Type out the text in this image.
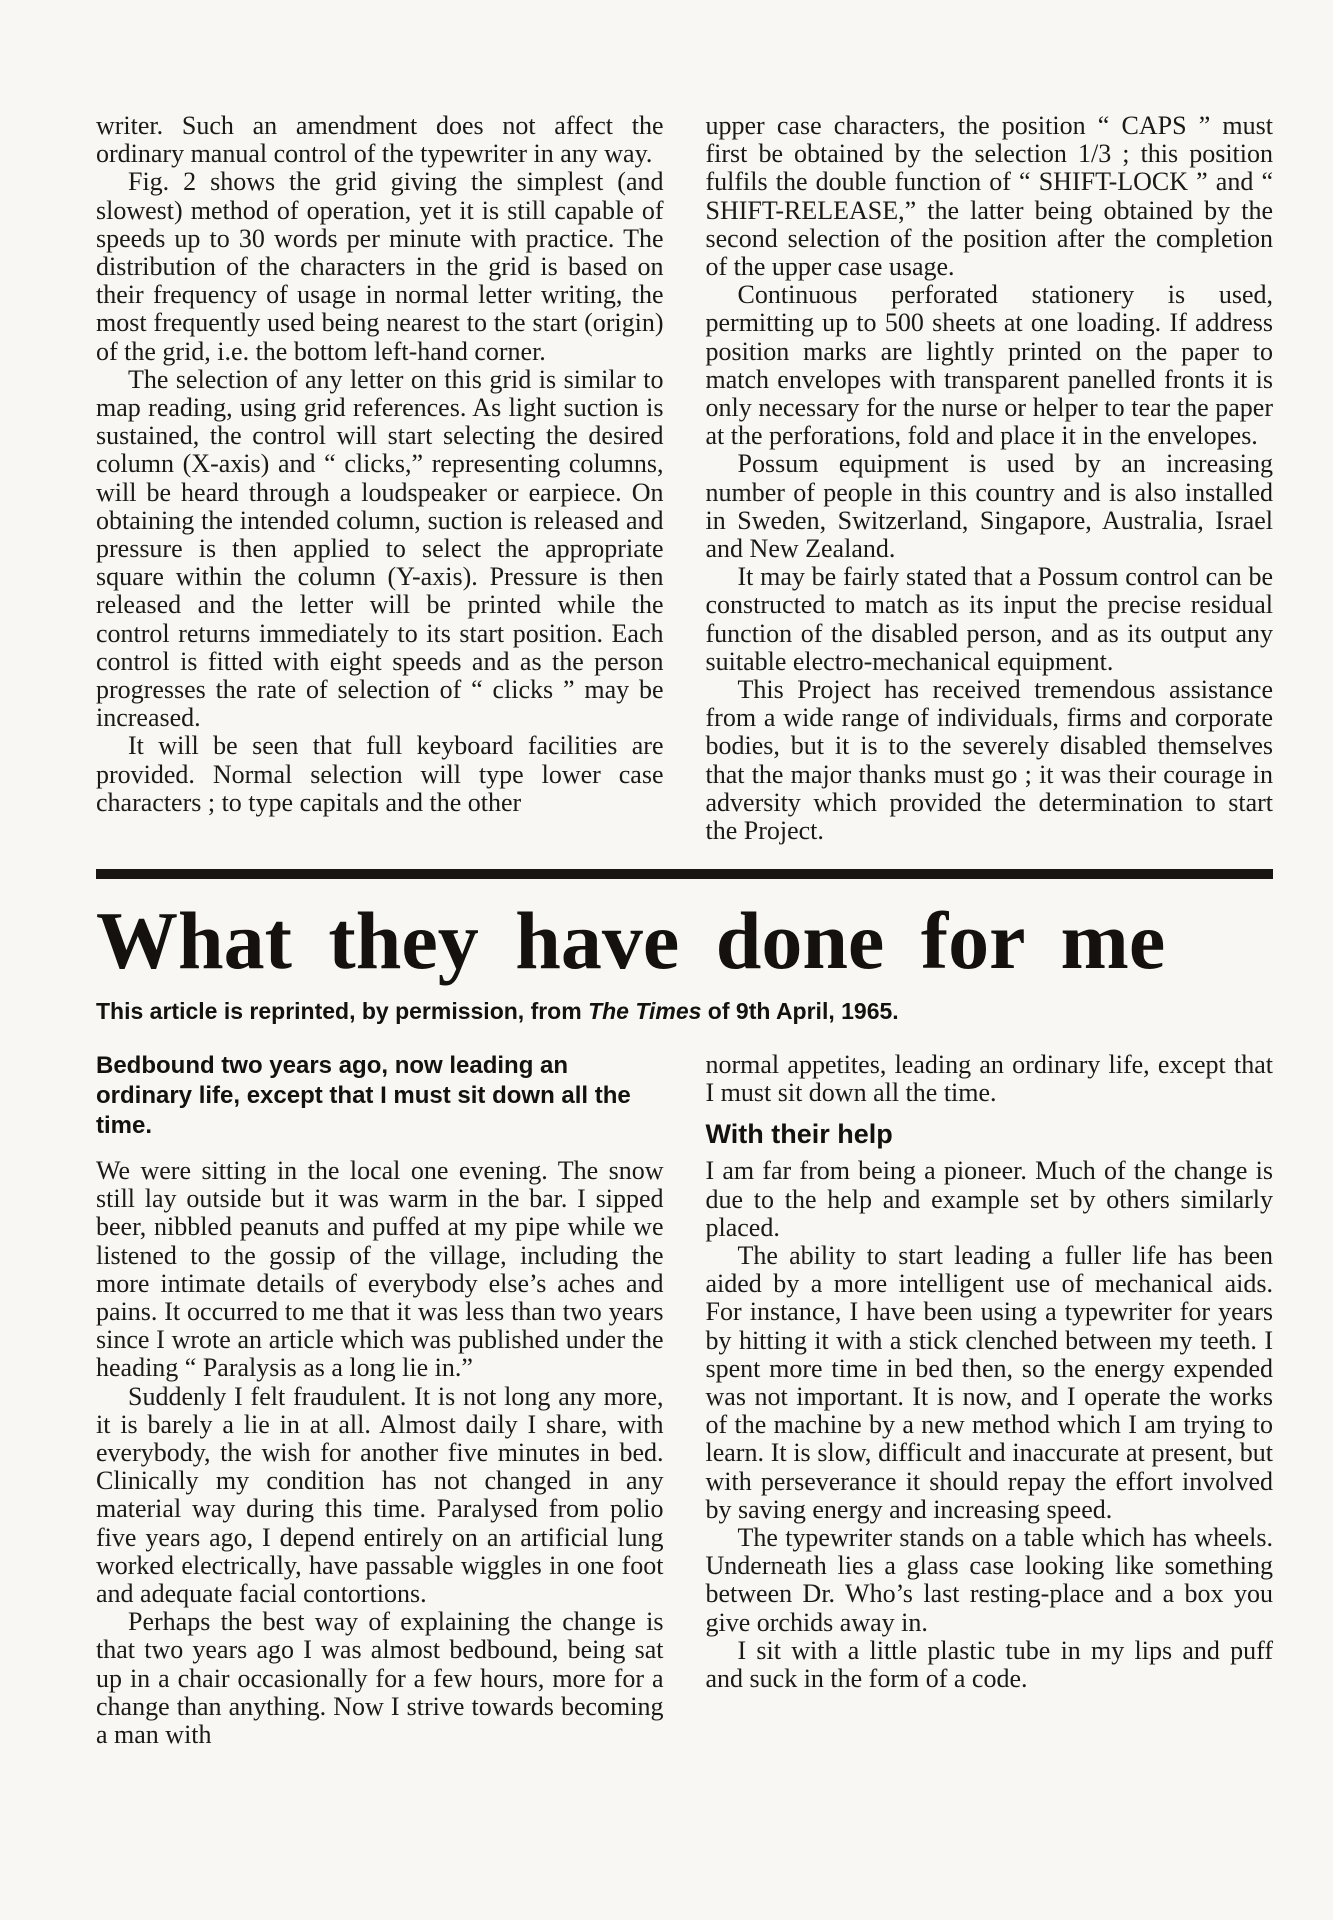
writer. Such an amendment does not affect the ordinary manual control of the typewriter in any way.

Fig. 2 shows the grid giving the simplest (and slowest) method of operation, yet it is still capable of speeds up to 30 words per minute with practice. The distribution of the characters in the grid is based on their frequency of usage in normal letter writing, the most frequently used being nearest to the start (origin) of the grid, i.e. the bottom left-hand corner.

The selection of any letter on this grid is similar to map reading, using grid references. As light suction is sustained, the control will start selecting the desired column (X-axis) and “ clicks,” representing columns, will be heard through a loudspeaker or earpiece. On obtaining the intended column, suction is released and pressure is then applied to select the appropriate square within the column (Y-axis). Pressure is then released and the letter will be printed while the control returns immediately to its start position. Each control is fitted with eight speeds and as the person progresses the rate of selection of “ clicks ” may be increased.

It will be seen that full keyboard facilities are provided. Normal selection will type lower case characters ; to type capitals and the other

upper case characters, the position “ CAPS ” must first be obtained by the selection 1/3 ; this position fulfils the double function of “ SHIFT-LOCK ” and “ SHIFT-RELEASE,” the latter being obtained by the second selection of the position after the completion of the upper case usage.

Continuous perforated stationery is used, permitting up to 500 sheets at one loading. If address position marks are lightly printed on the paper to match envelopes with transparent panelled fronts it is only necessary for the nurse or helper to tear the paper at the perforations, fold and place it in the envelopes.

Possum equipment is used by an increasing number of people in this country and is also installed in Sweden, Switzerland, Singapore, Australia, Israel and New Zealand.

It may be fairly stated that a Possum control can be constructed to match as its input the precise residual function of the disabled person, and as its output any suitable electro-mechanical equipment.

This Project has received tremendous assistance from a wide range of individuals, firms and corporate bodies, but it is to the severely disabled themselves that the major thanks must go ; it was their courage in adversity which provided the determination to start the Project.

What they have done for me

This article is reprinted, by permission, from The Times of 9th April, 1965.

Bedbound two years ago, now leading an ordinary life, except that I must sit down all the time.

We were sitting in the local one evening. The snow still lay outside but it was warm in the bar. I sipped beer, nibbled peanuts and puffed at my pipe while we listened to the gossip of the village, including the more intimate details of everybody else’s aches and pains. It occurred to me that it was less than two years since I wrote an article which was published under the heading “ Paralysis as a long lie in.”

Suddenly I felt fraudulent. It is not long any more, it is barely a lie in at all. Almost daily I share, with everybody, the wish for another five minutes in bed. Clinically my condition has not changed in any material way during this time. Paralysed from polio five years ago, I depend entirely on an artificial lung worked electrically, have passable wiggles in one foot and adequate facial contortions.

Perhaps the best way of explaining the change is that two years ago I was almost bedbound, being sat up in a chair occasionally for a few hours, more for a change than anything. Now I strive towards becoming a man with

normal appetites, leading an ordinary life, except that I must sit down all the time.

With their help

I am far from being a pioneer. Much of the change is due to the help and example set by others similarly placed.

The ability to start leading a fuller life has been aided by a more intelligent use of mechanical aids. For instance, I have been using a typewriter for years by hitting it with a stick clenched between my teeth. I spent more time in bed then, so the energy expended was not important. It is now, and I operate the works of the machine by a new method which I am trying to learn. It is slow, difficult and inaccurate at present, but with perseverance it should repay the effort involved by saving energy and increasing speed.

The typewriter stands on a table which has wheels. Underneath lies a glass case looking like something between Dr. Who’s last resting-place and a box you give orchids away in.

I sit with a little plastic tube in my lips and puff and suck in the form of a code.
